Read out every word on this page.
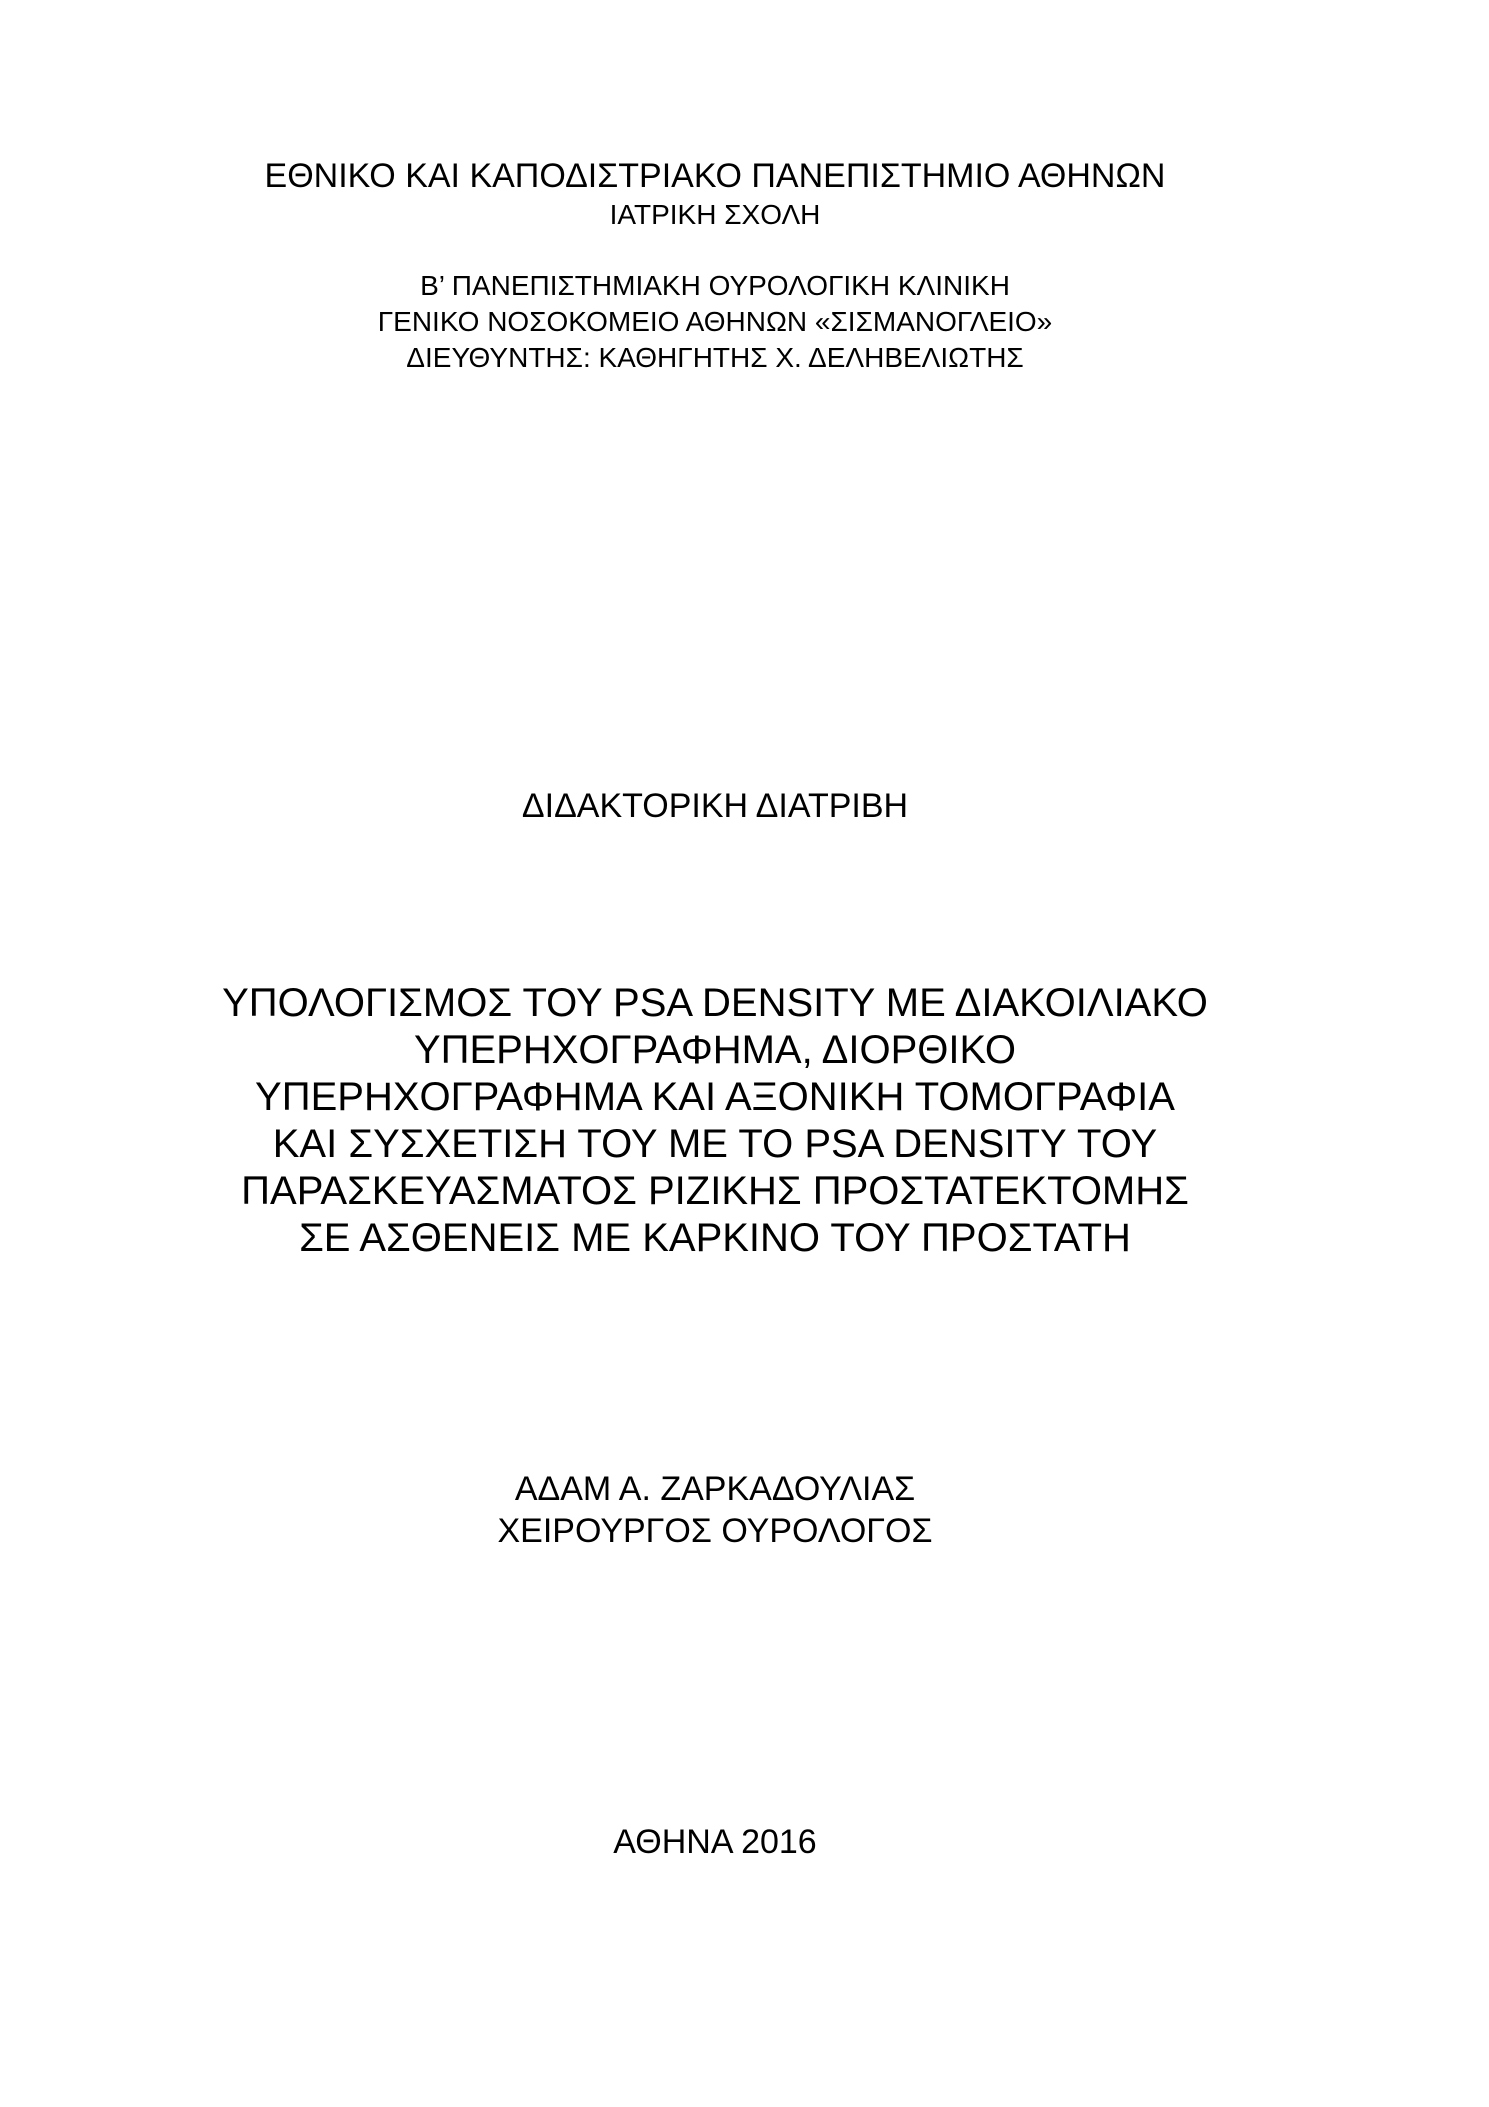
ΕΘΝΙΚΟ ΚΑΙ ΚΑΠΟΔΙΣΤΡΙΑΚΟ ΠΑΝΕΠΙΣΤΗΜΙΟ ΑΘΗΝΩΝ
ΙΑΤΡΙΚΗ ΣΧΟΛΗ
Β’ ΠΑΝΕΠΙΣΤΗΜΙΑΚΗ ΟΥΡΟΛΟΓΙΚΗ ΚΛΙΝΙΚΗ
ΓΕΝΙΚΟ ΝΟΣΟΚΟΜΕΙΟ ΑΘΗΝΩΝ «ΣΙΣΜΑΝΟΓΛΕΙΟ»
ΔΙΕΥΘΥΝΤΗΣ: ΚΑΘΗΓΗΤΗΣ Χ. ΔΕΛΗΒΕΛΙΩΤΗΣ
ΔΙΔΑΚΤΟΡΙΚΗ ΔΙΑΤΡΙΒΗ
ΥΠΟΛΟΓΙΣΜΟΣ ΤΟΥ PSA DENSITY ΜΕ ΔΙΑΚΟΙΛΙΑΚΟ
ΥΠΕΡΗΧΟΓΡΑΦΗΜΑ, ΔΙΟΡΘΙΚΟ
ΥΠΕΡΗΧΟΓΡΑΦΗΜΑ ΚΑΙ ΑΞΟΝΙΚΗ ΤΟΜΟΓΡΑΦΙΑ
ΚΑΙ ΣΥΣΧΕΤΙΣΗ ΤΟΥ ΜΕ ΤΟ PSA DENSITY ΤΟΥ
ΠΑΡΑΣΚΕΥΑΣΜΑΤΟΣ ΡΙΖΙΚΗΣ ΠΡΟΣΤΑΤΕΚΤΟΜΗΣ
ΣΕ ΑΣΘΕΝΕΙΣ ΜΕ ΚΑΡΚΙΝΟ ΤΟΥ ΠΡΟΣΤΑΤΗ
ΑΔΑΜ Α. ΖΑΡΚΑΔΟΥΛΙΑΣ
ΧΕΙΡΟΥΡΓΟΣ ΟΥΡΟΛΟΓΟΣ
ΑΘΗΝΑ 2016
